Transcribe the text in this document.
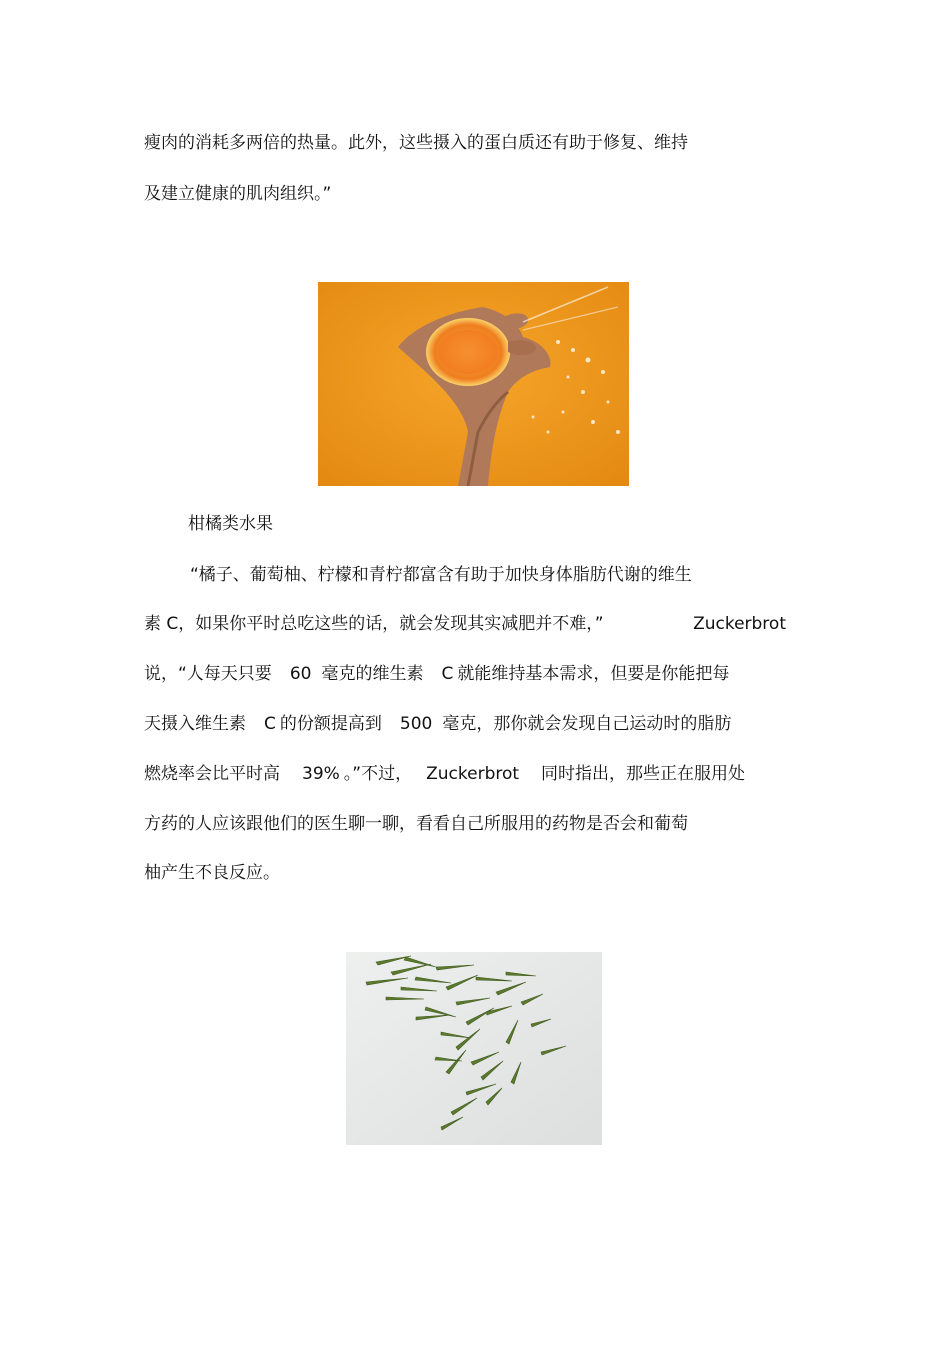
瘦肉的消耗多两倍的热量。此外，这些摄入的蛋白质还有助于修复、维持
及建立健康的肌肉组织。”
柑橘类水果
“橘子、葡萄柚、柠檬和青柠都富含有助于加快身体脂肪代谢的维生
素 C，如果你平时总吃这些的话，就会发现其实减肥并不难，”	Zuckerbrot
说，“人每天只要 60 毫克的维生素 C 就能维持基本需求，但要是你能把每
天摄入维生素 C 的份额提高到 500 毫克，那你就会发现自己运动时的脂肪
燃烧率会比平时高 39% 。”不过， Zuckerbrot 同时指出，那些正在服用处
方药的人应该跟他们的医生聊一聊，看看自己所服用的药物是否会和葡萄
柚产生不良反应。
